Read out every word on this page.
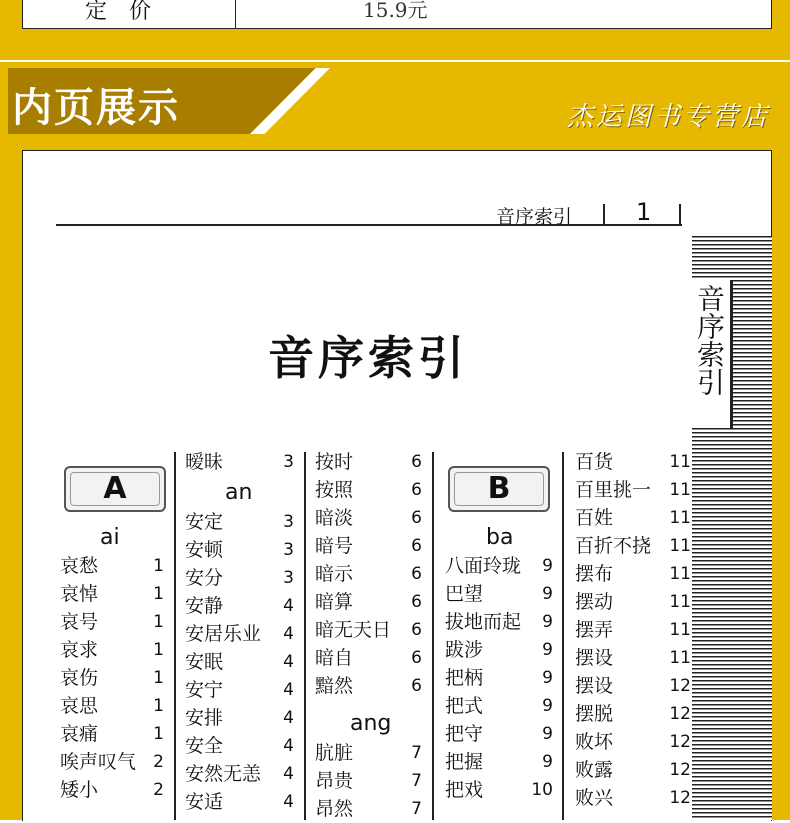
定价	15.9元
内页展示	杰运图书专营店
音序索引	1
音序索引
音序索引
A
ai
哀愁	1
哀悼	1
哀号	1
哀求	1
哀伤	1
哀思	1
哀痛	1
唉声叹气	2
矮小	2
暧昧	3
an
安定	3
安顿	3
安分	3
安静	4
安居乐业	4
安眠	4
安宁	4
安排	4
安全	4
安然无恙	4
安适	4
按时	6
按照	6
暗淡	6
暗号	6
暗示	6
暗算	6
暗无天日	6
暗自	6
黯然	6
ang
肮脏	7
昂贵	7
昂然	7
B
ba
八面玲珑	9
巴望	9
拔地而起	9
跋涉	9
把柄	9
把式	9
把守	9
把握	9
把戏	10
百货	11
百里挑一 11
百姓	11
百折不挠 11
摆布	11
摆动	11
摆弄	11
摆设	11
摆设	12
摆脱	12
败坏	12
败露	12
败兴	12
